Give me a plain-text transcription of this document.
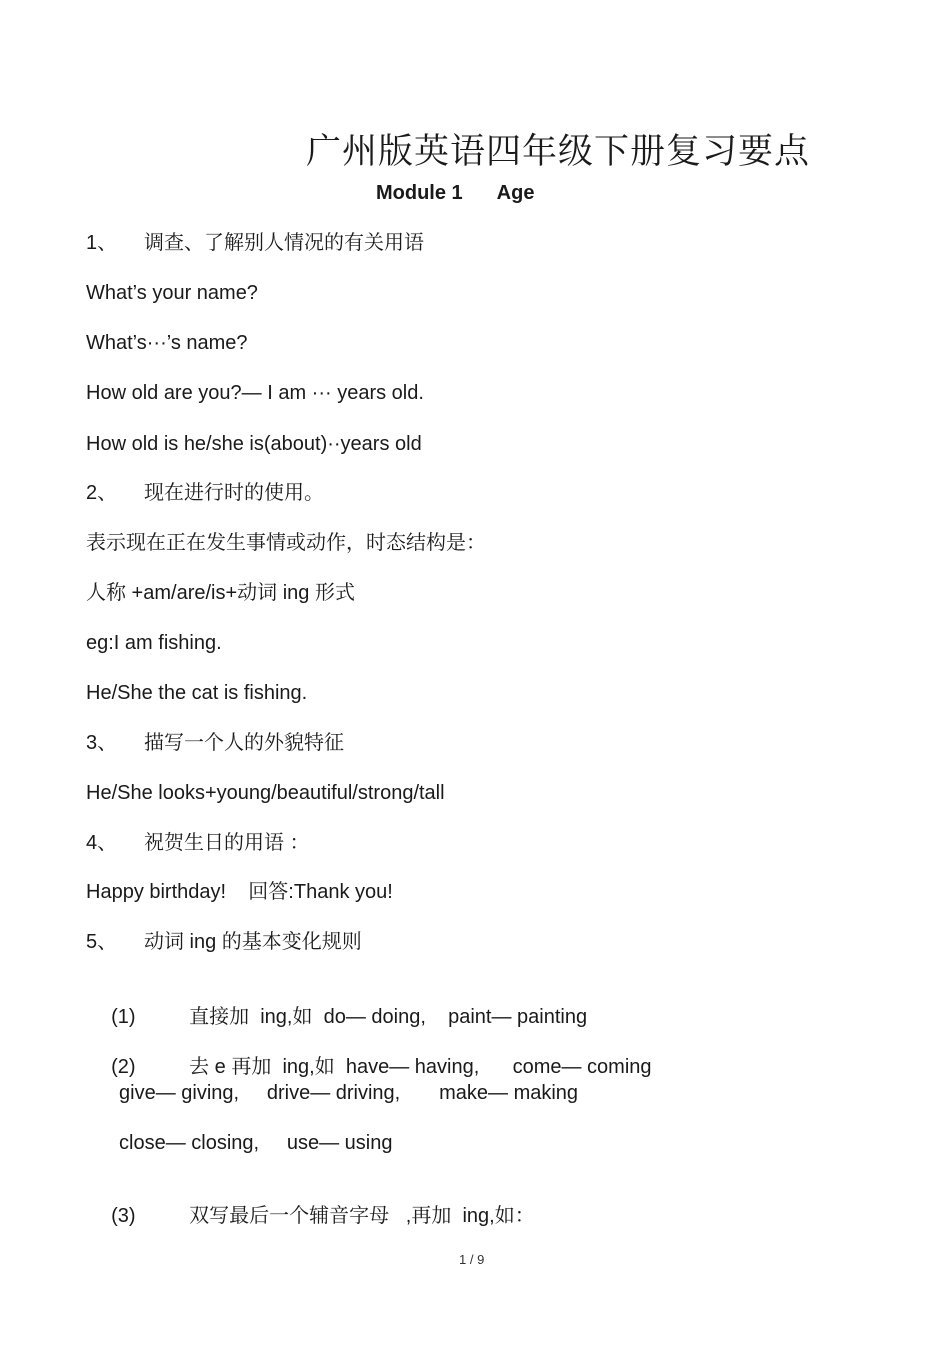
广州版英语四年级下册复习要点
Module 1 Age
1、 调查、了解别人情况的有关用语
What’s your name?
What’s···’s name?
How old are you?— I am ··· years old.
How old is he/she is(about)··years old
2、 现在进行时的使用。
表示现在正在发生事情或动作，时态结构是：
人称 +am/are/is+动词 ing 形式
eg:I am fishing.
He/She the cat is fishing.
3、 描写一个人的外貌特征
He/She looks+young/beautiful/strong/tall
4、 祝贺生日的用语 ：
Happy birthday!    回答:Thank you!
5、 动词 ing 的基本变化规则

(1)	直接加  ing,如  do— doing,    paint— painting

(2)	去 e 再加  ing,如  have— having,      come— coming

give— giving,     drive— driving,       make— making
close— closing,     use— using

(3)	双写最后一个辅音字母   ,再加  ing,如：

1 / 9
